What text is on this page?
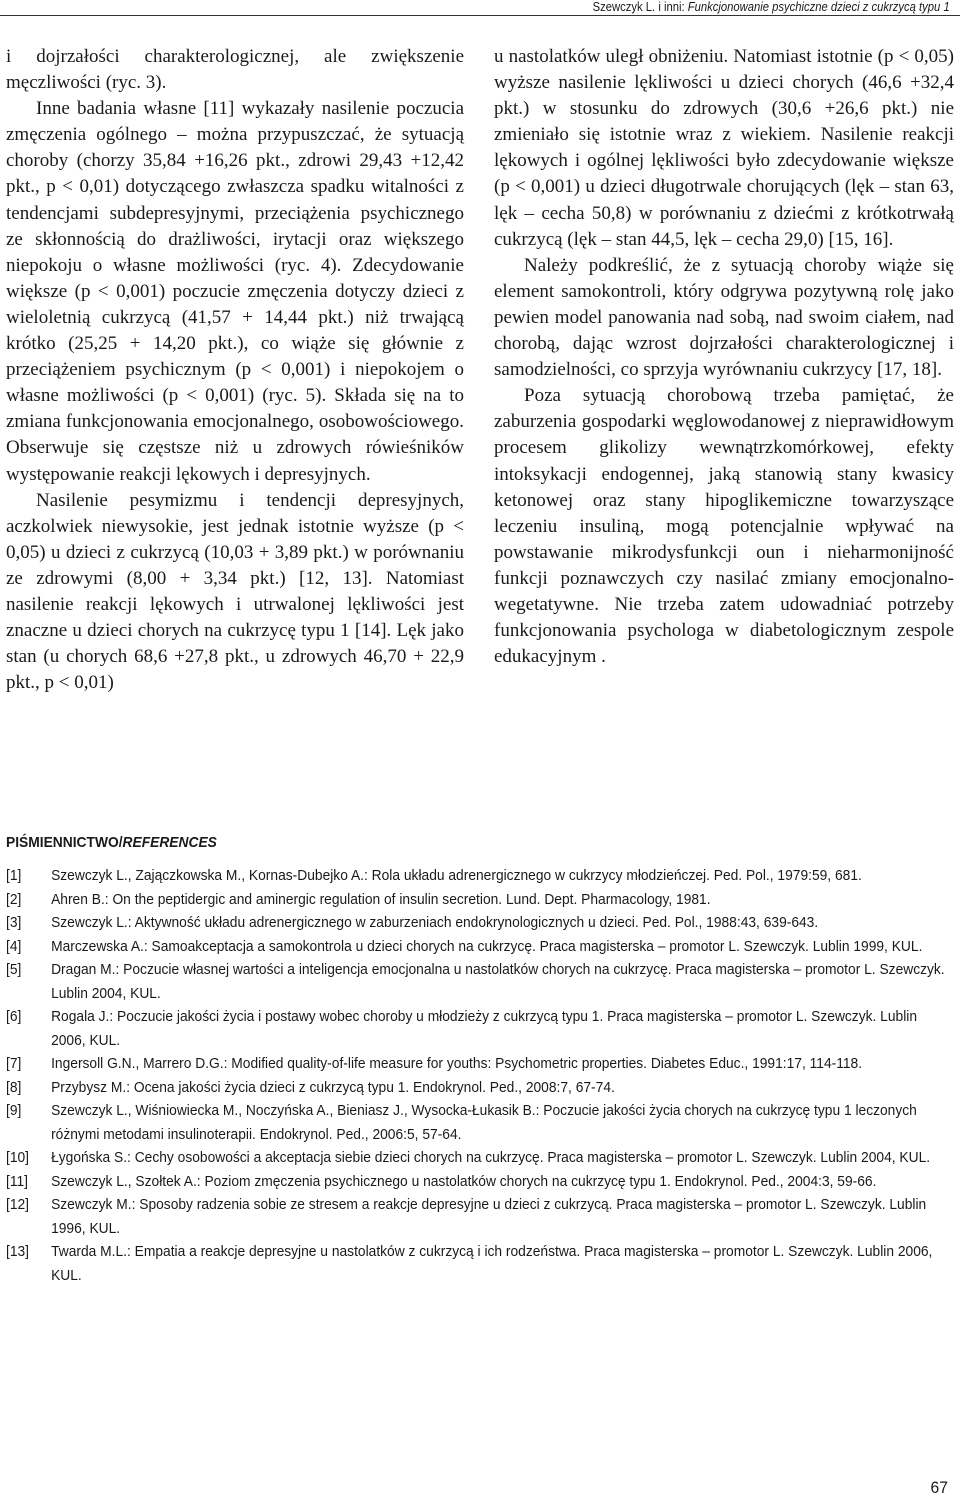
Szewczyk L. i inni: Funkcjonowanie psychiczne dzieci z cukrzycą typu 1

i dojrzałości charakterologicznej, ale zwiększenie męczliwości (ryc. 3).

Inne badania własne [11] wykazały nasilenie poczucia zmęczenia ogólnego – można przypuszczać, że sytuacją choroby (chorzy 35,84 +16,26 pkt., zdrowi 29,43 +12,42 pkt., p < 0,01) dotyczącego zwłaszcza spadku witalności z tendencjami subdepresyjnymi, przeciążenia psychicznego ze skłonnością do drażliwości, irytacji oraz większego niepokoju o własne możliwości (ryc. 4). Zdecydowanie większe (p < 0,001) poczucie zmęczenia dotyczy dzieci z wieloletnią cukrzycą (41,57 + 14,44 pkt.) niż trwającą krótko (25,25 + 14,20 pkt.), co wiąże się głównie z przeciążeniem psychicznym (p < 0,001) i niepokojem o własne możliwości (p < 0,001) (ryc. 5). Składa się na to zmiana funkcjonowania emocjonalnego, osobowościowego. Obserwuje się częstsze niż u zdrowych rówieśników występowanie reakcji lękowych i depresyjnych.

Nasilenie pesymizmu i tendencji depresyjnych, aczkolwiek niewysokie, jest jednak istotnie wyższe (p < 0,05) u dzieci z cukrzycą (10,03 + 3,89 pkt.) w porównaniu ze zdrowymi (8,00 + 3,34 pkt.) [12, 13]. Natomiast nasilenie reakcji lękowych i utrwalonej lękliwości jest znaczne u dzieci chorych na cukrzycę typu 1 [14]. Lęk jako stan (u chorych 68,6 +27,8 pkt., u zdrowych 46,70 + 22,9 pkt., p < 0,01)

u nastolatków uległ obniżeniu. Natomiast istotnie (p < 0,05) wyższe nasilenie lękliwości u dzieci chorych (46,6 +32,4 pkt.) w stosunku do zdrowych (30,6 +26,6 pkt.) nie zmieniało się istotnie wraz z wiekiem. Nasilenie reakcji lękowych i ogólnej lękliwości było zdecydowanie większe (p < 0,001) u dzieci długotrwale chorujących (lęk – stan 63, lęk – cecha 50,8) w porównaniu z dziećmi z krótkotrwałą cukrzycą (lęk – stan 44,5, lęk – cecha 29,0) [15, 16].

Należy podkreślić, że z sytuacją choroby wiąże się element samokontroli, który odgrywa pozytywną rolę jako pewien model panowania nad sobą, nad swoim ciałem, nad chorobą, dając wzrost dojrzałości charakterologicznej i samodzielności, co sprzyja wyrównaniu cukrzycy [17, 18].

Poza sytuacją chorobową trzeba pamiętać, że zaburzenia gospodarki węglowodanowej z nieprawidłowym procesem glikolizy wewnątrzkomórkowej, efekty intoksykacji endogennej, jaką stanowią stany kwasicy ketonowej oraz stany hipoglikemiczne towarzyszące leczeniu insuliną, mogą potencjalnie wpływać na powstawanie mikrodysfunkcji oun i nieharmonijność funkcji poznawczych czy nasilać zmiany emocjonalno-wegetatywne. Nie trzeba zatem udowadniać potrzeby funkcjonowania psychologa w diabetologicznym zespole edukacyjnym .

PIŚMIENNICTWO/REFERENCES
[1]	Szewczyk L., Zajączkowska M., Kornas-Dubejko A.: Rola układu adrenergicznego w cukrzycy młodzieńczej. Ped. Pol., 1979:59, 681.
[2]	Ahren B.: On the peptidergic and aminergic regulation of insulin secretion. Lund. Dept. Pharmacology, 1981.
[3]	Szewczyk L.: Aktywność układu adrenergicznego w zaburzeniach endokrynologicznych u dzieci. Ped. Pol., 1988:43, 639-643.
[4]	Marczewska A.: Samoakceptacja a samokontrola u dzieci chorych na cukrzycę. Praca magisterska – promotor L. Szewczyk. Lublin 1999, KUL.
[5]	Dragan M.: Poczucie własnej wartości a inteligencja emocjonalna u nastolatków chorych na cukrzycę. Praca magisterska – promotor L. Szewczyk. Lublin 2004, KUL.
[6]	Rogala J.: Poczucie jakości życia i postawy wobec choroby u młodzieży z cukrzycą typu 1. Praca magisterska – promotor L. Szewczyk. Lublin 2006, KUL.
[7]	Ingersoll G.N., Marrero D.G.: Modified quality-of-life measure for youths: Psychometric properties. Diabetes Educ., 1991:17, 114-118.
[8]	Przybysz M.: Ocena jakości życia dzieci z cukrzycą typu 1. Endokrynol. Ped., 2008:7, 67-74.
[9]	Szewczyk L., Wiśniowiecka M., Noczyńska A., Bieniasz J., Wysocka-Łukasik B.: Poczucie jakości życia chorych na cukrzycę typu 1 leczonych różnymi metodami insulinoterapii. Endokrynol. Ped., 2006:5, 57-64.
[10]	Łygońska S.: Cechy osobowości a akceptacja siebie dzieci chorych na cukrzycę. Praca magisterska – promotor L. Szewczyk. Lublin 2004, KUL.
[11]	Szewczyk L., Szołtek A.: Poziom zmęczenia psychicznego u nastolatków chorych na cukrzycę typu 1. Endokrynol. Ped., 2004:3, 59-66.
[12]	Szewczyk M.: Sposoby radzenia sobie ze stresem a reakcje depresyjne u dzieci z cukrzycą. Praca magisterska – promotor L. Szewczyk. Lublin 1996, KUL.
[13]	Twarda M.L.: Empatia a reakcje depresyjne u nastolatków z cukrzycą i ich rodzeństwa. Praca magisterska – promotor L. Szewczyk. Lublin 2006, KUL.
67
